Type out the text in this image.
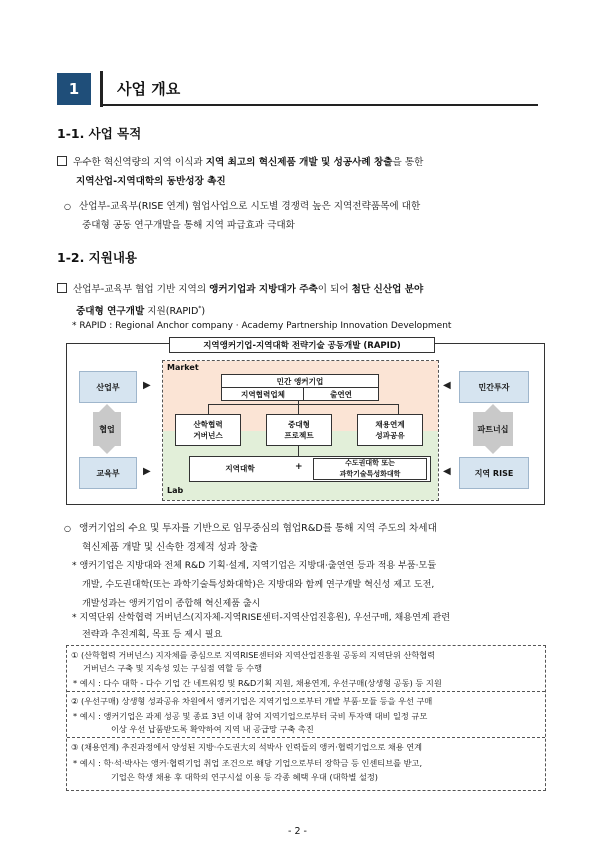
1	사업 개요
1-1. 사업 목적
우수한 혁신역량의 지역 이식과 지역 최고의 혁신제품 개발 및 성공사례 창출을 통한
지역산업-지역대학의 동반성장 촉진
○ 산업부-교육부(RISE 연계) 협업사업으로 시도별 경쟁력 높은 지역전략품목에 대한
중대형 공동 연구개발을 통해 지역 파급효과 극대화
1-2. 지원내용
산업부-교육부 협업 기반 지역의 앵커기업과 지방대가 주축이 되어 첨단 신산업 분야
중대형 연구개발 지원(RAPID*)
* RAPID : Regional Anchor company · Academy Partnership Innovation Development
지역앵커기업-지역대학 전략기술 공동개발 (RAPID)
Market
Lab
산업부
협업
교육부
▶
▶
민간투자
파트너십
지역 RISE
◀
◀
민간 앵커기업
지역협력업체	출연연
산학협력
거버넌스
중대형
프로젝트
채용연계
성과공유
지역대학	+	수도권대학 또는
과학기술특성화대학
○ 앵커기업의 수요 및 투자를 기반으로 임무중심의 협업R&D를 통해 지역 주도의 차세대
혁신제품 개발 및 신속한 경제적 성과 창출
* 앵커기업은 지방대와 전체 R&D 기획·설계, 지역기업은 지방대·출연연 등과 적용 부품·모듈
개발, 수도권대학(또는 과학기술특성화대학)은 지방대와 함께 연구개발 혁신성 제고 도전,
개발성과는 앵커기업이 종합해 혁신제품 출시
* 지역단위 산학협력 거버넌스(지자체-지역RISE센터-지역산업진흥원), 우선구매, 채용연계 관련
전략과 추진계획, 목표 등 제시 필요
① (산학협력 거버넌스) 지자체를 중심으로 지역RISE센터와 지역산업진흥원 공동의 지역단위 산학협력
거버넌스 구축 및 지속성 있는 구심점 역할 등 수행
* 예시 : 다수 대학 - 다수 기업 간 네트워킹 및 R&D기획 지원, 채용연계, 우선구매(상생형 공동) 등 지원
② (우선구매) 상생형 성과공유 차원에서 앵커기업은 지역기업으로부터 개발 부품·모듈 등을 우선 구매
* 예시 : 앵커기업은 과제 성공 및 종료 3년 이내 참여 지역기업으로부터 국비 투자액 대비 일정 규모
이상 우선 납품받도록 확약하여 지역 내 공급망 구축 촉진
③ (채용연계) 추진과정에서 양성된 지방·수도권大의 석박사 인력들의 앵커·협력기업으로 채용 연계
* 예시 : 학·석·박사는 앵커·협력기업 취업 조건으로 해당 기업으로부터 장학금 등 인센티브를 받고,
기업은 학생 채용 후 대학의 연구시설 이용 등 각종 혜택 우대 (대학별 설정)
- 2 -
